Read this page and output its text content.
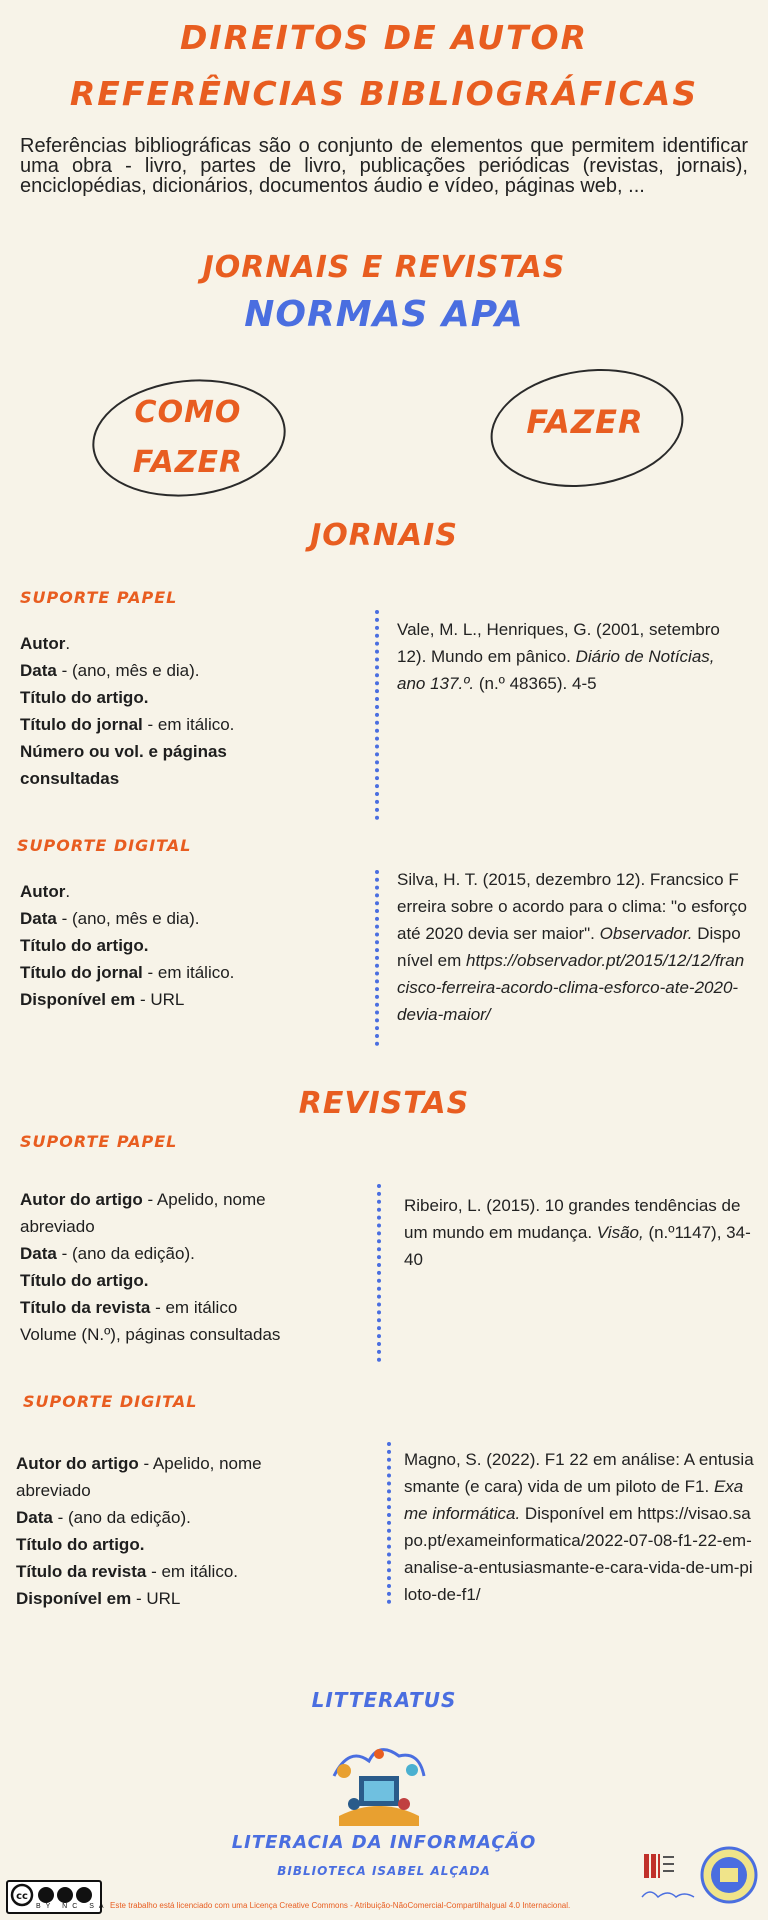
DIREITOS DE AUTOR
REFERÊNCIAS BIBLIOGRÁFICAS
Referências bibliográficas são o conjunto de elementos que permitem identificar uma obra - livro, partes de livro, publicações periódicas (revistas, jornais), enciclopédias, dicionários, documentos áudio e vídeo, páginas web, ...
JORNAIS E REVISTAS
NORMAS APA
COMO FAZER
FAZER
JORNAIS
SUPORTE PAPEL
Autor.
Data - (ano, mês e dia).
Título do artigo.
Título do jornal - em itálico.
Número ou vol. e páginas
consultadas
Vale, M. L., Henriques, G. (2001, setembro 12). Mundo em pânico. Diário de Notícias, ano 137.º. (n.º 48365). 4-5
SUPORTE DIGITAL
Autor.
Data - (ano, mês e dia).
Título do artigo.
Título do jornal - em itálico.
Disponível em - URL
Silva, H. T. (2015, dezembro 12). Francsico Ferreira sobre o acordo para o clima: "o esforço até 2020 devia ser maior". Observador. Disponível em https://observador.pt/2015/12/12/francisco-ferreira-acordo-clima-esforco-ate-2020-devia-maior/
REVISTAS
SUPORTE PAPEL
Autor do artigo - Apelido, nome
abreviado
Data - (ano da edição).
Título do artigo.
Título da revista - em itálico
Volume (N.º), páginas consultadas
Ribeiro, L. (2015). 10 grandes tendências de um mundo em mudança. Visão, (n.º1147), 34-40
SUPORTE DIGITAL
Autor do artigo - Apelido, nome
abreviado
Data - (ano da edição).
Título do artigo.
Título da revista - em itálico.
Disponível em - URL
Magno, S. (2022). F1 22 em análise: A entusiasmante (e cara) vida de um piloto de F1. Exame informática. Disponível em https://visao.sapo.pt/exameinformatica/2022-07-08-f1-22-em-analise-a-entusiasmante-e-cara-vida-de-um-piloto-de-f1/
LITTERATUS
LITERACIA DA INFORMAÇÃO
BIBLIOTECA ISABEL ALÇADA
cc
BY NC SA Este trabalho está licenciado com uma Licença Creative Commons - Atribuição-NãoComercial-CompartilhaIgual 4.0 Internacional.
